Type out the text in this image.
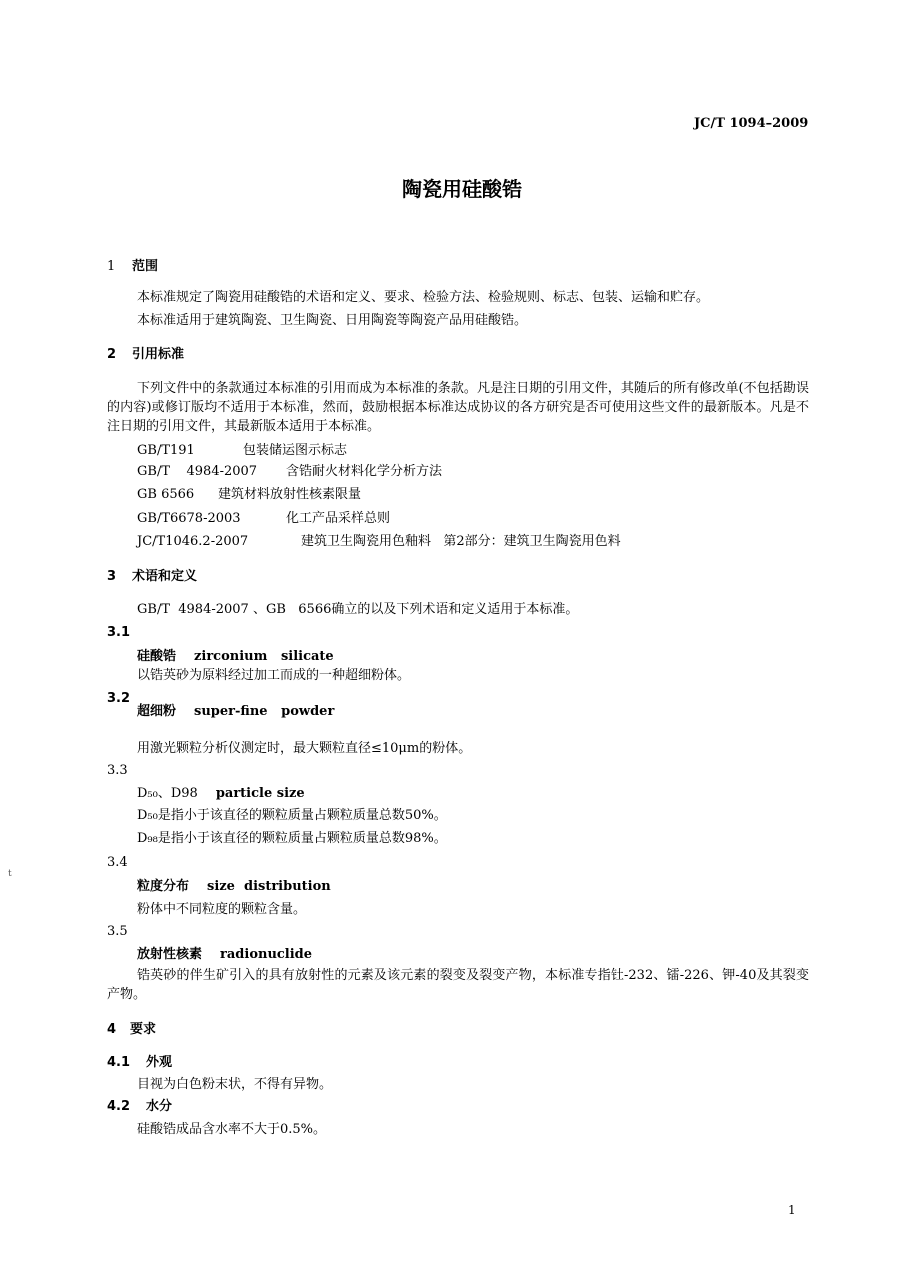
JC/T 1094–2009
陶瓷用硅酸锆
1 范围
本标准规定了陶瓷用硅酸锆的术语和定义、要求、检验方法、检验规则、标志、包装、运输和贮存。
本标准适用于建筑陶瓷、卫生陶瓷、日用陶瓷等陶瓷产品用硅酸锆。
2 引用标准
下列文件中的条款通过本标准的引用而成为本标准的条款。凡是注日期的引用文件，其随后的所有修改单(不包括勘误的内容)或修订版均不适用于本标准，然而，鼓励根据本标准达成协议的各方研究是否可使用这些文件的最新版本。凡是不注日期的引用文件，其最新版本适用于本标准。
GB/T191	包装储运图示标志
GB/T    4984-2007 含锆耐火材料化学分析方法
GB 6566 建筑材料放射性核素限量
GB/T6678-2003	化工产品采样总则
JC/T1046.2-2007	建筑卫生陶瓷用色釉料   第2部分：建筑卫生陶瓷用色料
3 术语和定义
GB/T  4984-2007 、GB   6566确立的以及下列术语和定义适用于本标准。
3.1
硅酸锆 zirconium   silicate
以锆英砂为原料经过加工而成的一种超细粉体。
3.2
超细粉 super-fine   powder
用激光颗粒分析仪测定时，最大颗粒直径≤10μm的粉体。
3.3
D₅₀、D98 particle size
D₅₀是指小于该直径的颗粒质量占颗粒质量总数50%。
D₉₈是指小于该直径的颗粒质量占颗粒质量总数98%。
t
3.4
粒度分布 size  distribution
粉体中不同粒度的颗粒含量。
3.5
放射性核素 radionuclide
锆英砂的伴生矿引入的具有放射性的元素及该元素的裂变及裂变产物，本标准专指钍-232、镭-226、钾-40及其裂变产物。
4 要求
4.1 外观
目视为白色粉末状，不得有异物。
4.2 水分
硅酸锆成品含水率不大于0.5%。
1
